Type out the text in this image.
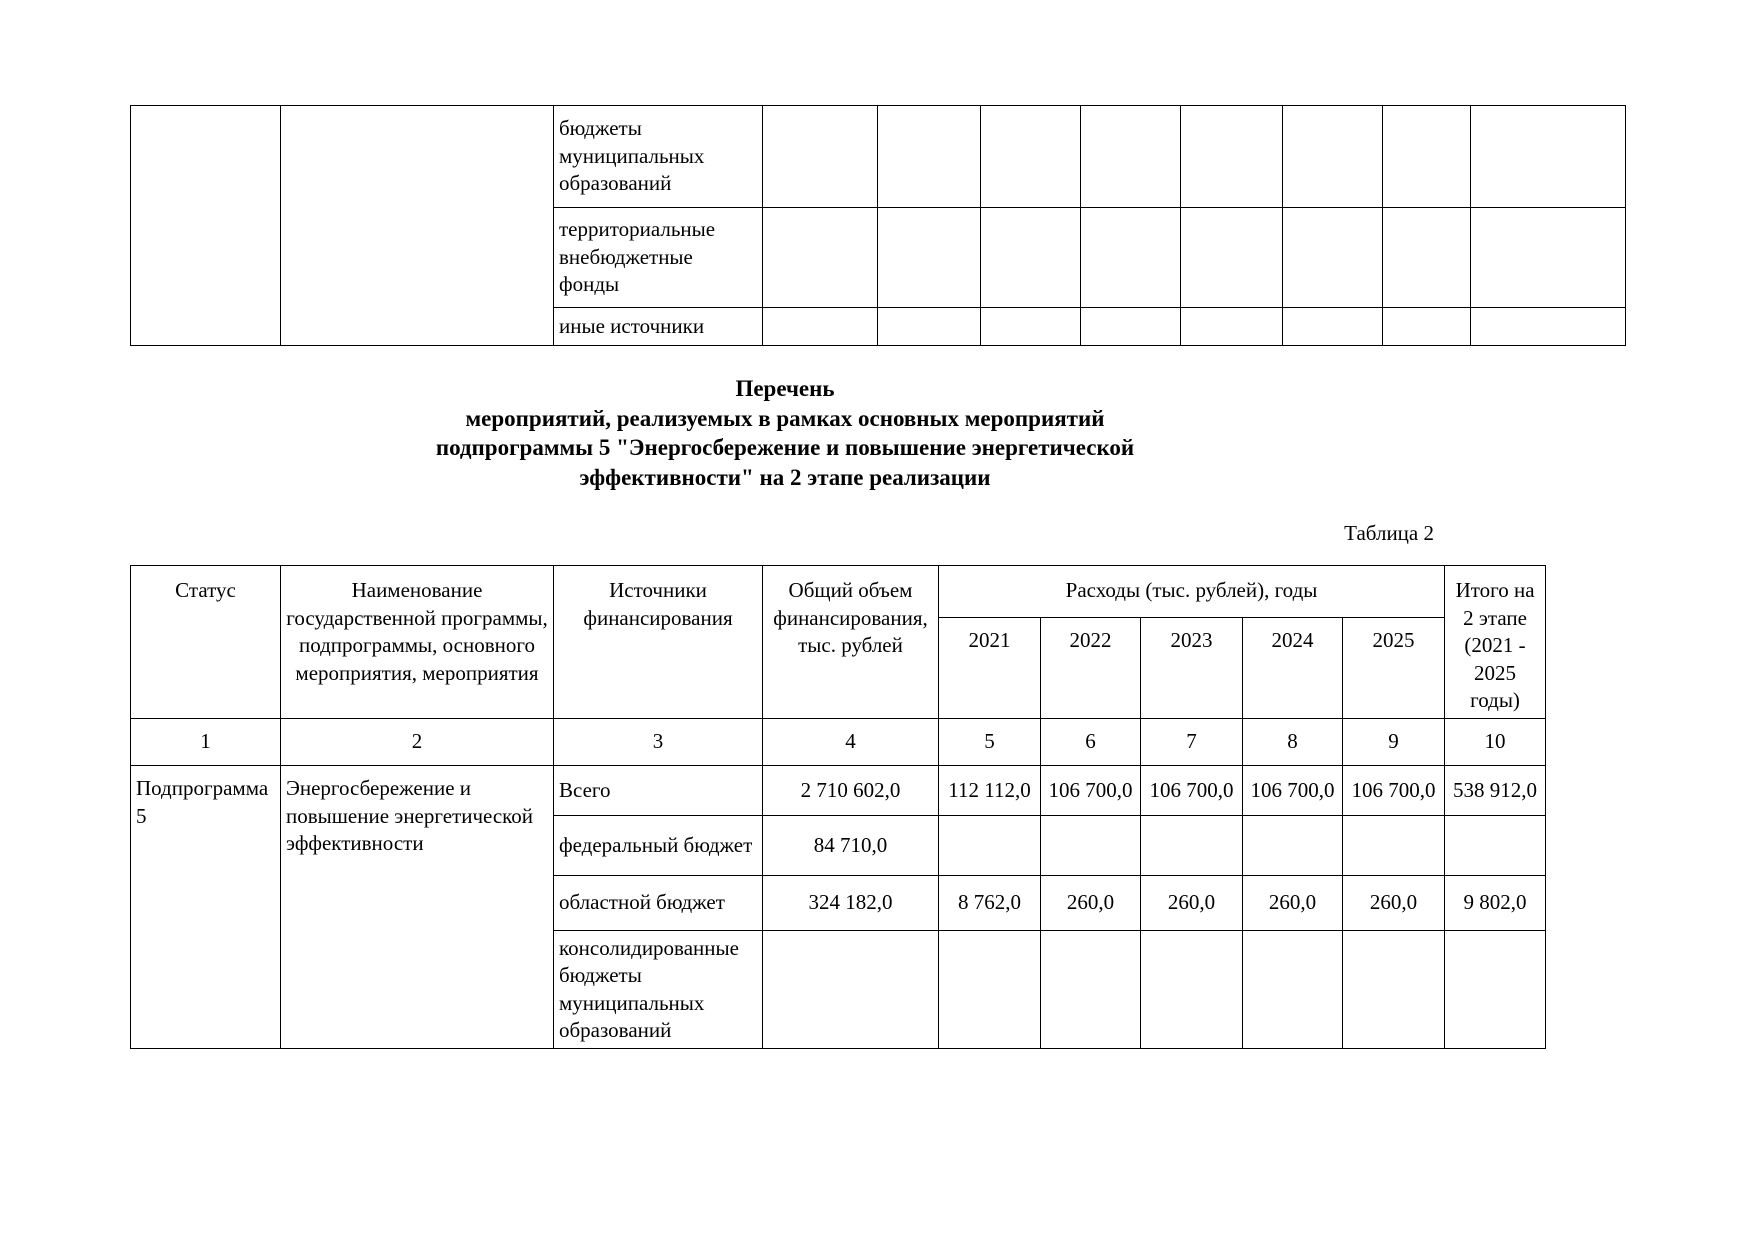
		бюджеты муниципальных образований								
		территориальные внебюджетные фонды								
		иные источники								
Перечень
мероприятий, реализуемых в рамках основных мероприятий
подпрограммы 5 "Энергосбережение и повышение энергетической
эффективности" на 2 этапе реализации
Таблица 2
Статус	Наименование государственной программы, подпрограммы, основного мероприятия, мероприятия	Источники финансирования	Общий объем финансирования, тыс. рублей	Расходы (тыс. рублей), годы					Итого на 2 этапе (2021 - 2025 годы)
				2021	2022	2023	2024	2025	
1	2	3	4	5	6	7	8	9	10
Подпрограмма 5	Энергосбережение и повышение энергетической эффективности	Всего	2 710 602,0	112 112,0	106 700,0	106 700,0	106 700,0	106 700,0	538 912,0
		федеральный бюджет	84 710,0						
		областной бюджет	324 182,0	8 762,0	260,0	260,0	260,0	260,0	9 802,0
		консолидированные бюджеты муниципальных образований							
